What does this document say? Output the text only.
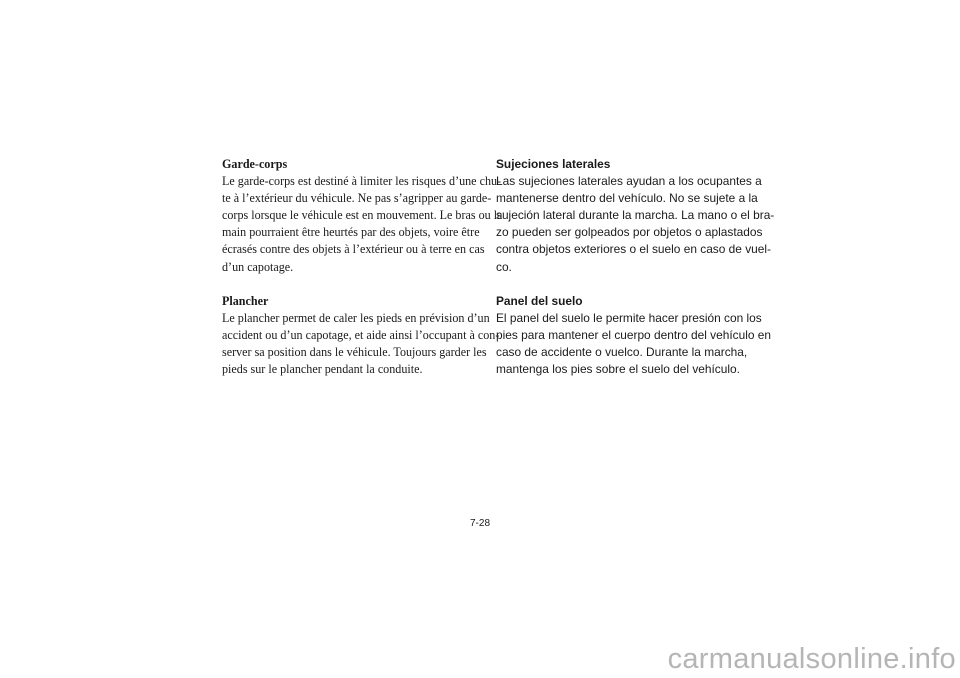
Garde-corps
Le garde-corps est destiné à limiter les risques d’une chu-
te à l’extérieur du véhicule. Ne pas s’agripper au garde-
corps lorsque le véhicule est en mouvement. Le bras ou la
main pourraient être heurtés par des objets, voire être
écrasés contre des objets à l’extérieur ou à terre en cas
d’un capotage.
Plancher
Le plancher permet de caler les pieds en prévision d’un
accident ou d’un capotage, et aide ainsi l’occupant à con-
server sa position dans le véhicule. Toujours garder les
pieds sur le plancher pendant la conduite.
Sujeciones laterales
Las sujeciones laterales ayudan a los ocupantes a
mantenerse dentro del vehículo. No se sujete a la
sujeción lateral durante la marcha. La mano o el bra-
zo pueden ser golpeados por objetos o aplastados
contra objetos exteriores o el suelo en caso de vuel-
co.
Panel del suelo
El panel del suelo le permite hacer presión con los
pies para mantener el cuerpo dentro del vehículo en
caso de accidente o vuelco. Durante la marcha,
mantenga los pies sobre el suelo del vehículo.
7-28
carmanualsonline.info
